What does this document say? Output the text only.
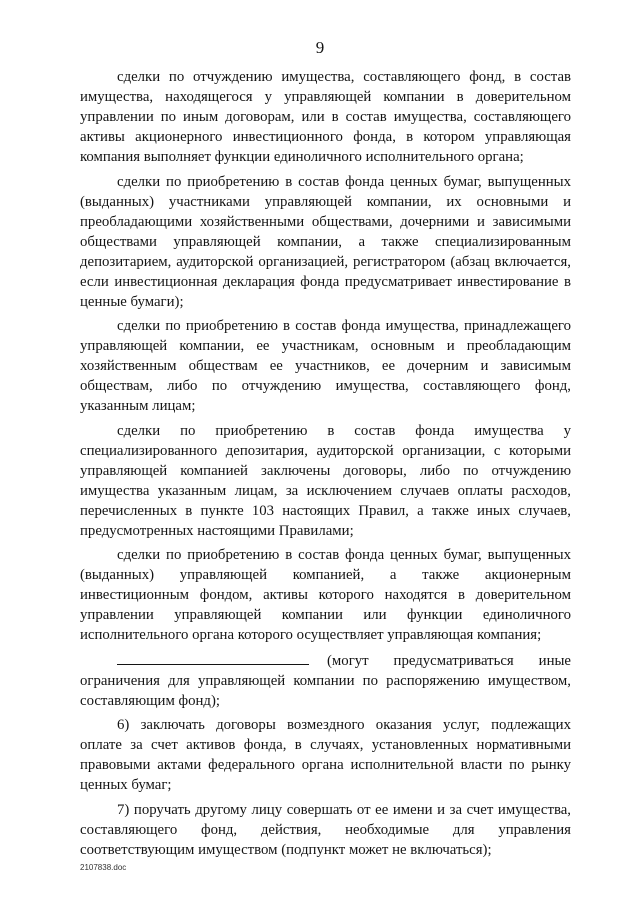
9

сделки по отчуждению имущества, составляющего фонд, в состав имущества, находящегося у управляющей компании в доверительном управлении по иным договорам, или в состав имущества, составляющего активы акционерного инвестиционного фонда, в котором управляющая компания выполняет функции единоличного исполнительного органа;

сделки по приобретению в состав фонда ценных бумаг, выпущенных (выданных) участниками управляющей компании, их основными и преобладающими хозяйственными обществами, дочерними и зависимыми обществами управляющей компании, а также специализированным депозитарием, аудиторской организацией, регистратором (абзац включается, если инвестиционная декларация фонда предусматривает инвестирование в ценные бумаги);

сделки по приобретению в состав фонда имущества, принадлежащего управляющей компании, ее участникам, основным и преобладающим хозяйственным обществам ее участников, ее дочерним и зависимым обществам, либо по отчуждению имущества, составляющего фонд, указанным лицам;

сделки по приобретению в состав фонда имущества у специализированного депозитария, аудиторской организации, с которыми управляющей компанией заключены договоры, либо по отчуждению имущества указанным лицам, за исключением случаев оплаты расходов, перечисленных в пункте 103 настоящих Правил, а также иных случаев, предусмотренных настоящими Правилами;

сделки по приобретению в состав фонда ценных бумаг, выпущенных (выданных) управляющей компанией, а также акционерным инвестиционным фондом, активы которого находятся в доверительном управлении управляющей компании или функции единоличного исполнительного органа которого осуществляет управляющая компания;

(могут предусматриваться иные ограничения для управляющей компании по распоряжению имуществом, составляющим фонд);

6) заключать договоры возмездного оказания услуг, подлежащих оплате за счет активов фонда, в случаях, установленных нормативными правовыми актами федерального органа исполнительной власти по рынку ценных бумаг;

7) поручать другому лицу совершать от ее имени и за счет имущества, составляющего фонд, действия, необходимые для управления соответствующим имуществом (подпункт может не включаться);

2107838.doc
